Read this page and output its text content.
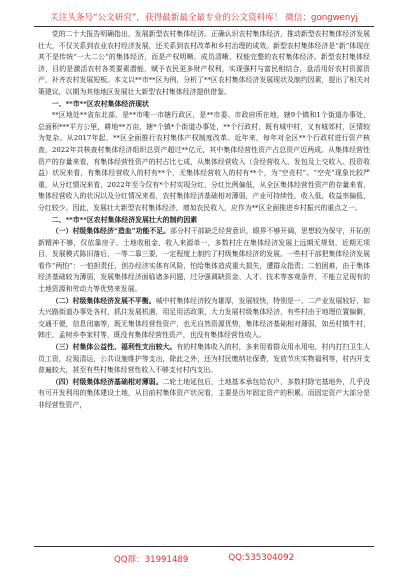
关注头条号“公文研究”，获得最新最全最专业的公文资料库！ 微信：gongwenyj

党的二十大报告明确指出，发展新型农村集体经济。正确认识农村集体经济，推动新型农村集体经济发展壮大，不仅关系到农业农村经济发展，还关系到农村改革和乡村治理的成效。新型农村集体经济是“新”体现在其不是传统“一大二公”的集体经济，而是产权明晰、成员清晰、权能完整的农村集体经济。新型农村集体经济，目的是激活农村各类要素潜能，赋予农民更多财产权利，实现强村与富民相结合，盘活用好农村资源资产，补齐农村发展短板。本文以**市**区为例，分析了**区农村集体经济发展现状及制约因素，提出了相关对策建议，以期为其他地区发展壮大新型农村集体经济提供借鉴。

一、**市**区农村集体经济现状

**区地处**省东北部，是**市唯一市辖行政区，是**市委、市政府所在地，辖9个镇和1个街道办事处，总面积***平方公里，耕地**万亩，辖*个镇*个街道办事处，**个行政村，既有城中村，又有城郊村，区情较为复杂。从2017年起，**区全面推行农村集体产权制度改革。近年来，每年对全区**个行政村进行资产核查，2022年共核查村集体经济组织总资产超过**亿元，其中集体经营性资产占总资产近两成。从集体经营性资产的存量来看，有集体经营性资产的村占比七成，从集体经营收入（含经营收入、发包及上交收入、投资收益）状况来看，有集体经营收入的村有**个，无集体经营收入的村有**个，为“空壳村”。“空壳”现象比较严重，从分红情况来看，2022年至今仅有*个村实现分红，分红比例偏低，从全区集体经营性资产的存量来看，集体经营收入的状况以及分红情况来看，农村集体经济基础相对薄弱，产业可持续性，收入低，收益率偏低，分红较少。因此，发展壮大新型农村集体经济，增加农民收入，应作为**区全面推进乡村振兴的重点之一。

二、**市**区农村集体经济发展壮大的制约因素

（一）村级集体经济“造血”功能不足。部分村干部缺乏经营意识，眼界不够开阔，思想较为保守，开拓创新精神不够，仅依靠房子、土地收租金，收入来源单一，多数村庄在集体经济发展上远期无规划，近期无项目，发展模式陈旧落后，一等二靠三要，一定程度上制约了村级集体经济的发展。一些村干部把集体经济发展看作“两怕”：一怕担责任，创办经济实体有风险，怕给集体造成重大损失，遭群众指责；二怕困难，由于集体经济基础较为薄弱，发展集体经济面临诸多问题，过分强调缺资金、人才、技术等客观条件，不能立足现有的土地资源和劳动力等优势来发展。

（二）村级集体经济发展不平衡。城中村集体经济较为雄厚，发展较快，特别是一、二产业发展较好，如大兴路街道办事处各村，抓住发展机遇，用足用活政策，大力发展村级集体经济，有些村由于地理位置偏僻，交通不便，信息闭塞等，既无集体经营性资产，也无自然资源优势，集体经济基础相对薄弱，如岳村镇牛村，韩庄，孟树乡李家村等，既没有集体经营性资产，也没有集体经营性收入。

（三）村集体公益性、福利性支出较大。有的村集体收入的村，多来用看群众用水用电，村内打扫卫生人员工资，垃圾清运，公共设施维护等支出，除此之外，还为村民缴纳社保费，发放节庆实物福利等，村内开支普遍较大，甚至有些村集体经营性收入不够支付村内支出。

（四）村级集体经济基础相对薄弱。二轮土地延包后，土地基本承包给农户，多数村除宅基地外，几乎没有可开发利用的集体建设土地，从目前村集体资产状况看，主要是历年固定资产的积累，而固定资产大部分是非经营性资产，

QQ群：31991489	QQ:535304092
